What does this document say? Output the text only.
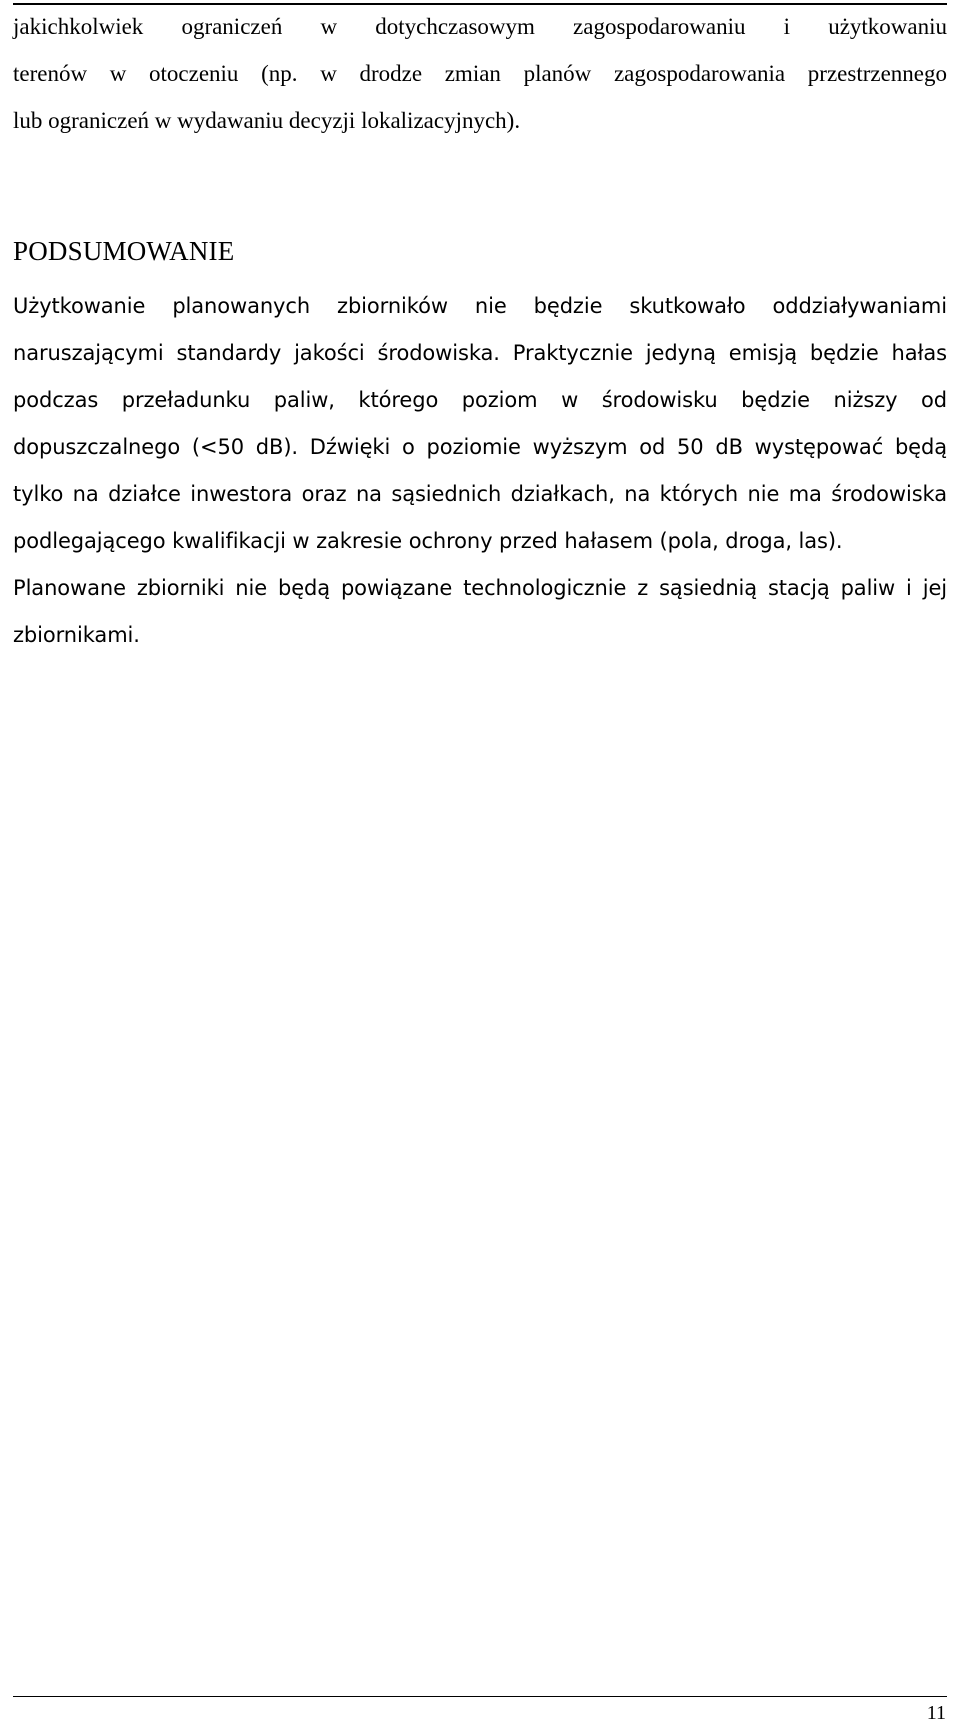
jakichkolwiek ograniczeń w dotychczasowym zagospodarowaniu i użytkowaniu
terenów w otoczeniu (np. w drodze zmian planów zagospodarowania przestrzennego
lub ograniczeń w wydawaniu decyzji lokalizacyjnych).
PODSUMOWANIE
Użytkowanie planowanych zbiorników nie będzie skutkowało oddziaływaniami
naruszającymi standardy jakości środowiska. Praktycznie jedyną emisją będzie hałas
podczas przeładunku paliw, którego poziom w środowisku będzie niższy od
dopuszczalnego (<50 dB). Dźwięki o poziomie wyższym od 50 dB występować będą
tylko na działce inwestora oraz na sąsiednich działkach, na których nie ma środowiska
podlegającego kwalifikacji w zakresie ochrony przed hałasem (pola, droga, las).
Planowane zbiorniki nie będą powiązane technologicznie z sąsiednią stacją paliw i jej
zbiornikami.
11
